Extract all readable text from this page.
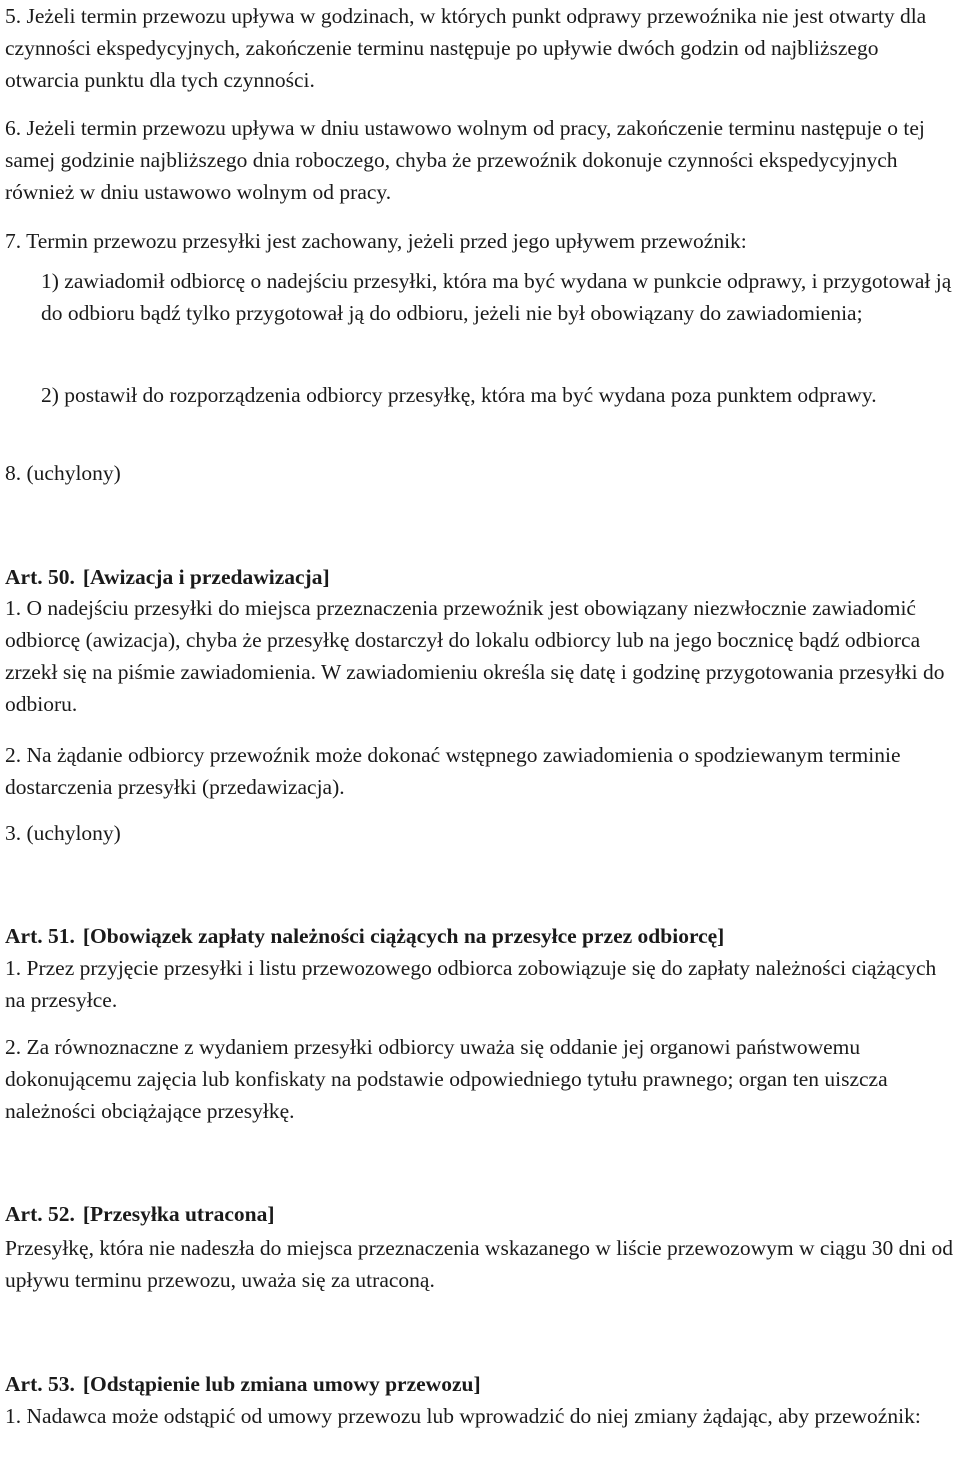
5. Jeżeli termin przewozu upływa w godzinach, w których punkt odprawy przewoźnika nie jest otwarty dla czynności ekspedycyjnych, zakończenie terminu następuje po upływie dwóch godzin od najbliższego otwarcia punktu dla tych czynności.

6. Jeżeli termin przewozu upływa w dniu ustawowo wolnym od pracy, zakończenie terminu następuje o tej samej godzinie najbliższego dnia roboczego, chyba że przewoźnik dokonuje czynności ekspedycyjnych również w dniu ustawowo wolnym od pracy.

7. Termin przewozu przesyłki jest zachowany, jeżeli przed jego upływem przewoźnik:

1) zawiadomił odbiorcę o nadejściu przesyłki, która ma być wydana w punkcie odprawy, i przygotował ją do odbioru bądź tylko przygotował ją do odbioru, jeżeli nie był obowiązany do zawiadomienia;

2) postawił do rozporządzenia odbiorcy przesyłkę, która ma być wydana poza punktem odprawy.

8. (uchylony)

Art. 50. [Awizacja i przedawizacja]

1. O nadejściu przesyłki do miejsca przeznaczenia przewoźnik jest obowiązany niezwłocznie zawiadomić odbiorcę (awizacja), chyba że przesyłkę dostarczył do lokalu odbiorcy lub na jego bocznicę bądź odbiorca zrzekł się na piśmie zawiadomienia. W zawiadomieniu określa się datę i godzinę przygotowania przesyłki do odbioru.

2. Na żądanie odbiorcy przewoźnik może dokonać wstępnego zawiadomienia o spodziewanym terminie dostarczenia przesyłki (przedawizacja).

3. (uchylony)

Art. 51. [Obowiązek zapłaty należności ciążących na przesyłce przez odbiorcę]

1. Przez przyjęcie przesyłki i listu przewozowego odbiorca zobowiązuje się do zapłaty należności ciążących na przesyłce.

2. Za równoznaczne z wydaniem przesyłki odbiorcy uważa się oddanie jej organowi państwowemu dokonującemu zajęcia lub konfiskaty na podstawie odpowiedniego tytułu prawnego; organ ten uiszcza należności obciążające przesyłkę.

Art. 52. [Przesyłka utracona]

Przesyłkę, która nie nadeszła do miejsca przeznaczenia wskazanego w liście przewozowym w ciągu 30 dni od upływu terminu przewozu, uważa się za utraconą.

Art. 53. [Odstąpienie lub zmiana umowy przewozu]

1. Nadawca może odstąpić od umowy przewozu lub wprowadzić do niej zmiany żądając, aby przewoźnik:
